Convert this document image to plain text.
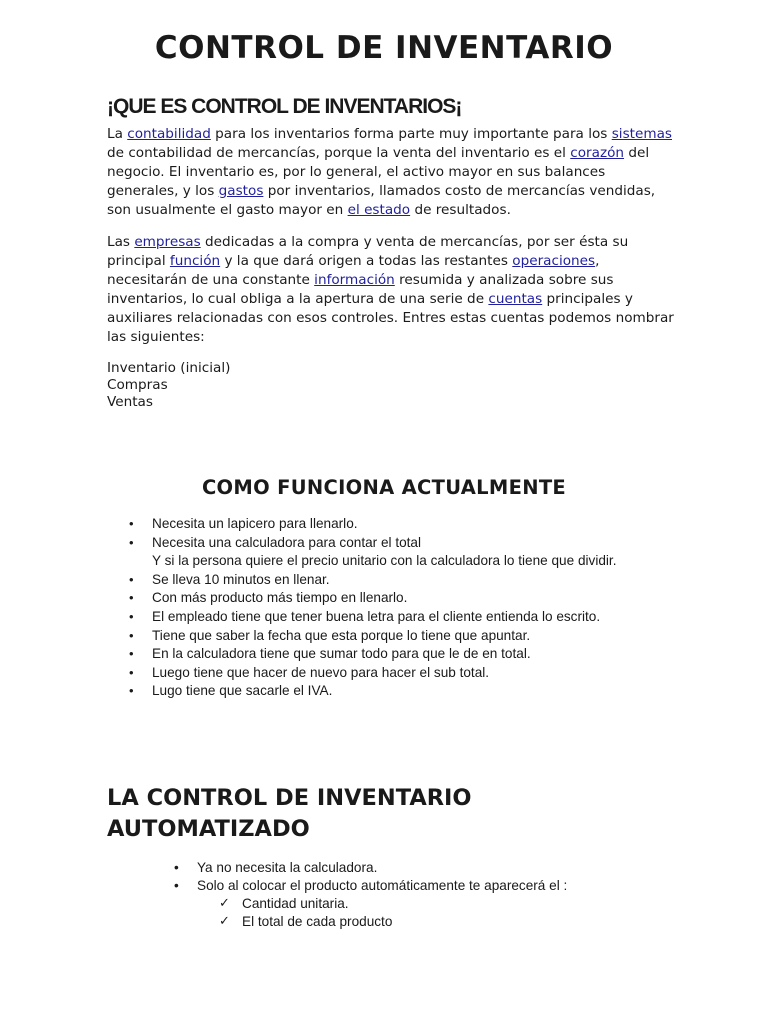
CONTROL DE INVENTARIO
¡QUE ES CONTROL DE INVENTARIOS¡

La contabilidad para los inventarios forma parte muy importante para los sistemas de contabilidad de mercancías, porque la venta del inventario es el corazón del negocio. El inventario es, por lo general, el activo mayor en sus balances generales, y los gastos por inventarios, llamados costo de mercancías vendidas, son usualmente el gasto mayor en el estado de resultados.

Las empresas dedicadas a la compra y venta de mercancías, por ser ésta su principal función y la que dará origen a todas las restantes operaciones, necesitarán de una constante información resumida y analizada sobre sus inventarios, lo cual obliga a la apertura de una serie de cuentas principales y auxiliares relacionadas con esos controles. Entres estas cuentas podemos nombrar las siguientes:

Inventario (inicial)
Compras
Ventas
COMO FUNCIONA ACTUALMENTE
• Necesita un lapicero para llenarlo.
• Necesita una calculadora para contar el total
Y si la persona quiere el precio unitario con la calculadora lo tiene que dividir.
• Se lleva 10 minutos en llenar.
• Con más producto más tiempo en llenarlo.
• El empleado tiene que tener buena letra para el cliente entienda lo escrito.
• Tiene que saber la fecha que esta porque lo tiene que apuntar.
• En la calculadora tiene que sumar todo para que le de en total.
• Luego tiene que hacer de nuevo para hacer el sub total.
• Lugo tiene que sacarle el IVA.
LA CONTROL DE INVENTARIO AUTOMATIZADO
• Ya no necesita la calculadora.
• Solo al colocar el producto automáticamente te aparecerá el :
✓ Cantidad unitaria.
✓ El total de cada producto
